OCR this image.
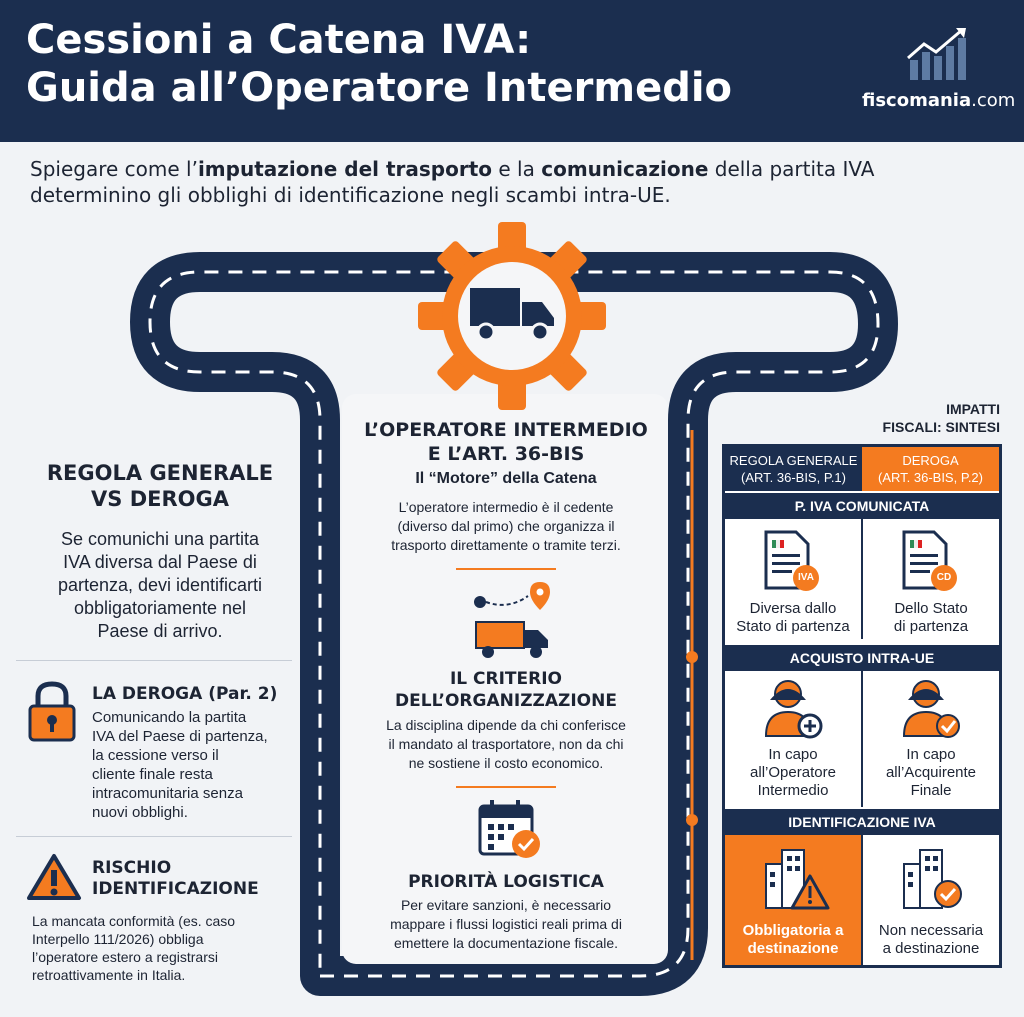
Cessioni a Catena IVA:
Guida all’Operatore Intermedio	fiscomania.com
Spiegare come l’imputazione del trasporto e la comunicazione della partita IVA
determinino gli obblighi di identificazione negli scambi intra-UE.
REGOLA GENERALE
VS DEROGA
Se comunichi una partita
IVA diversa dal Paese di
partenza, devi identificarti
obbligatoriamente nel
Paese di arrivo.
LA DEROGA (Par. 2)
Comunicando la partita
IVA del Paese di partenza,
la cessione verso il
cliente finale resta
intracomunitaria senza
nuovi obblighi.
RISCHIO
IDENTIFICAZIONE
La mancata conformità (es. caso
Interpello 111/2026) obbliga
l’operatore estero a registrarsi
retroattivamente in Italia.
L’OPERATORE INTERMEDIO
E L’ART. 36-BIS
Il “Motore” della Catena
L’operatore intermedio è il cedente
(diverso dal primo) che organizza il
trasporto direttamente o tramite terzi.
IL CRITERIO
DELL’ORGANIZZAZIONE
La disciplina dipende da chi conferisce
il mandato al trasportatore, non da chi
ne sostiene il costo economico.
PRIORITÀ LOGISTICA
Per evitare sanzioni, è necessario
mappare i flussi logistici reali prima di
emettere la documentazione fiscale.
IMPATTI
FISCALI: SINTESI
REGOLA GENERALE
(ART. 36-BIS, P.1)
DEROGA
(ART. 36-BIS, P.2)
P. IVA COMUNICATA
IVA	CD
Diversa dallo
Stato di partenza
Dello Stato
di partenza
ACQUISTO INTRA-UE
In capo
all’Operatore
Intermedio
In capo
all’Acquirente
Finale
IDENTIFICAZIONE IVA
Obbligatoria a
destinazione
Non necessaria
a destinazione
